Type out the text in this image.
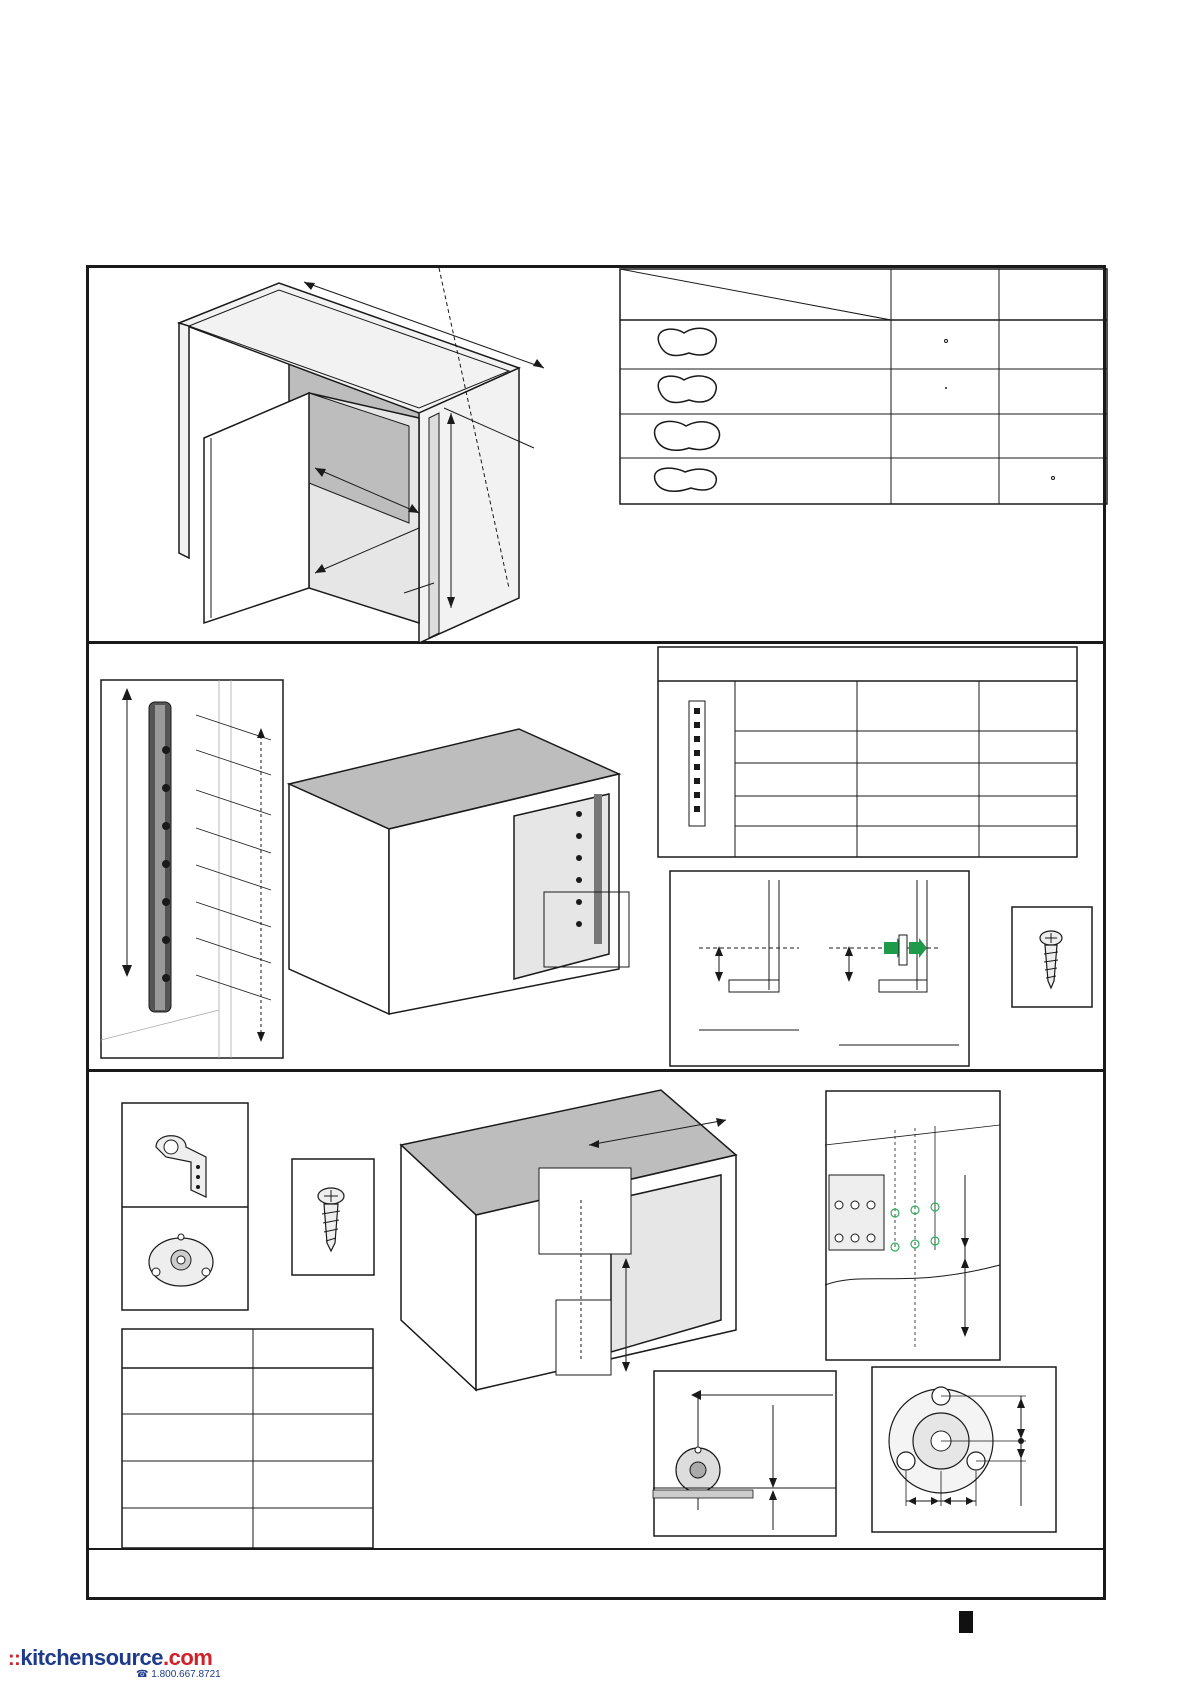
::kitchensource.com
☎ 1.800.667.8721
